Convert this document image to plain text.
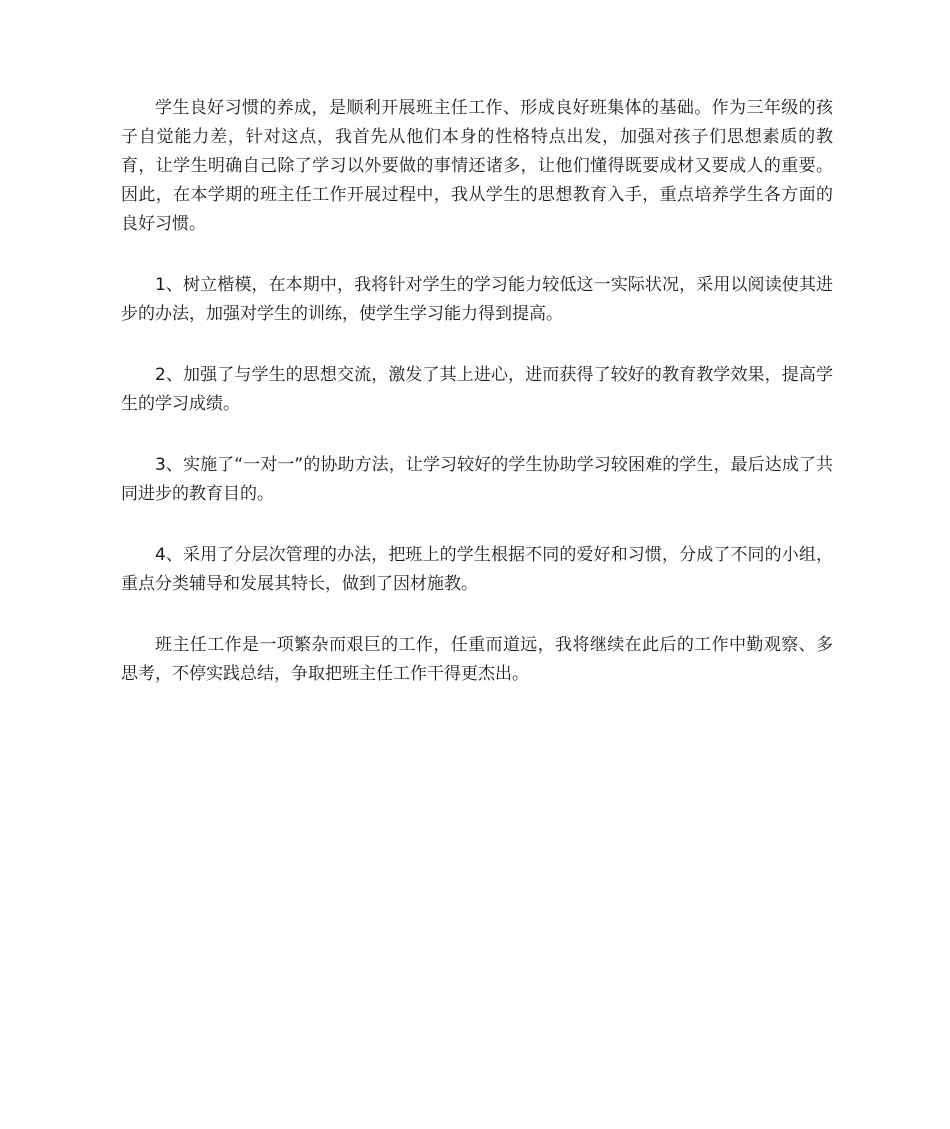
学生良好习惯的养成，是顺利开展班主任工作、形成良好班集体的基础。作为三年级的孩子自觉能力差，针对这点，我首先从他们本身的性格特点出发，加强对孩子们思想素质的教育，让学生明确自己除了学习以外要做的事情还诸多，让他们懂得既要成材又要成人的重要。因此，在本学期的班主任工作开展过程中，我从学生的思想教育入手，重点培养学生各方面的良好习惯。

1、树立楷模，在本期中，我将针对学生的学习能力较低这一实际状况，采用以阅读使其进步的办法，加强对学生的训练，使学生学习能力得到提高。

2、加强了与学生的思想交流，激发了其上进心，进而获得了较好的教育教学效果，提高学生的学习成绩。

3、实施了“一对一”的协助方法，让学习较好的学生协助学习较困难的学生，最后达成了共同进步的教育目的。

4、采用了分层次管理的办法，把班上的学生根据不同的爱好和习惯，分成了不同的小组，重点分类辅导和发展其特长，做到了因材施教。

班主任工作是一项繁杂而艰巨的工作，任重而道远，我将继续在此后的工作中勤观察、多思考，不停实践总结，争取把班主任工作干得更杰出。
